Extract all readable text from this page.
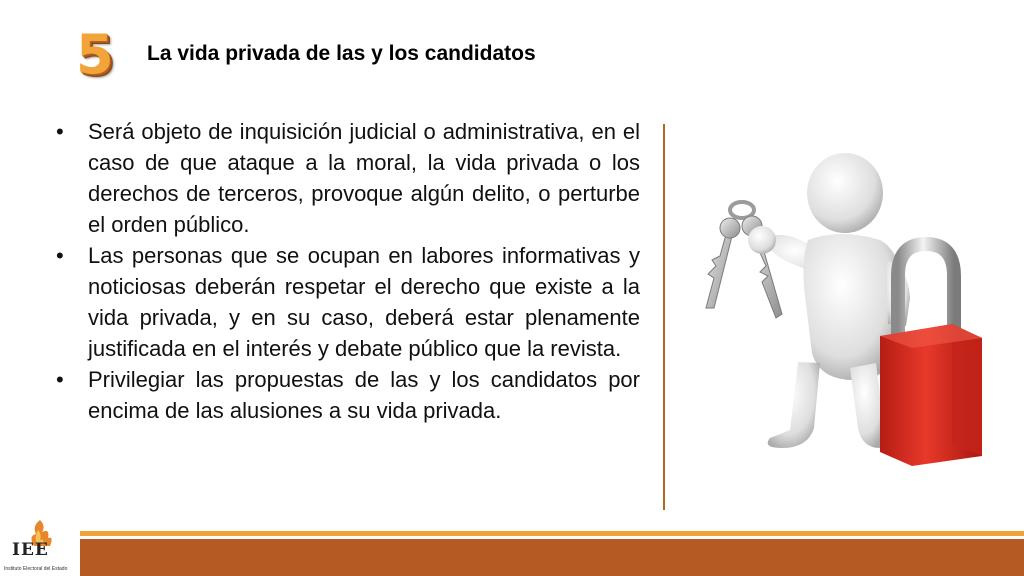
5 La vida privada de las y los candidatos
• Será objeto de inquisición judicial o administrativa, en el caso de que ataque a la moral, la vida privada o los derechos de terceros, provoque algún delito, o perturbe el orden público.
• Las personas que se ocupan en labores informativas y noticiosas deberán respetar el derecho que existe a la vida privada, y en su caso, deberá estar plenamente justificada en el interés y debate público que la revista.
• Privilegiar las propuestas de las y los candidatos por encima de las alusiones a su vida privada.
IEE
Instituto Electoral del Estado
